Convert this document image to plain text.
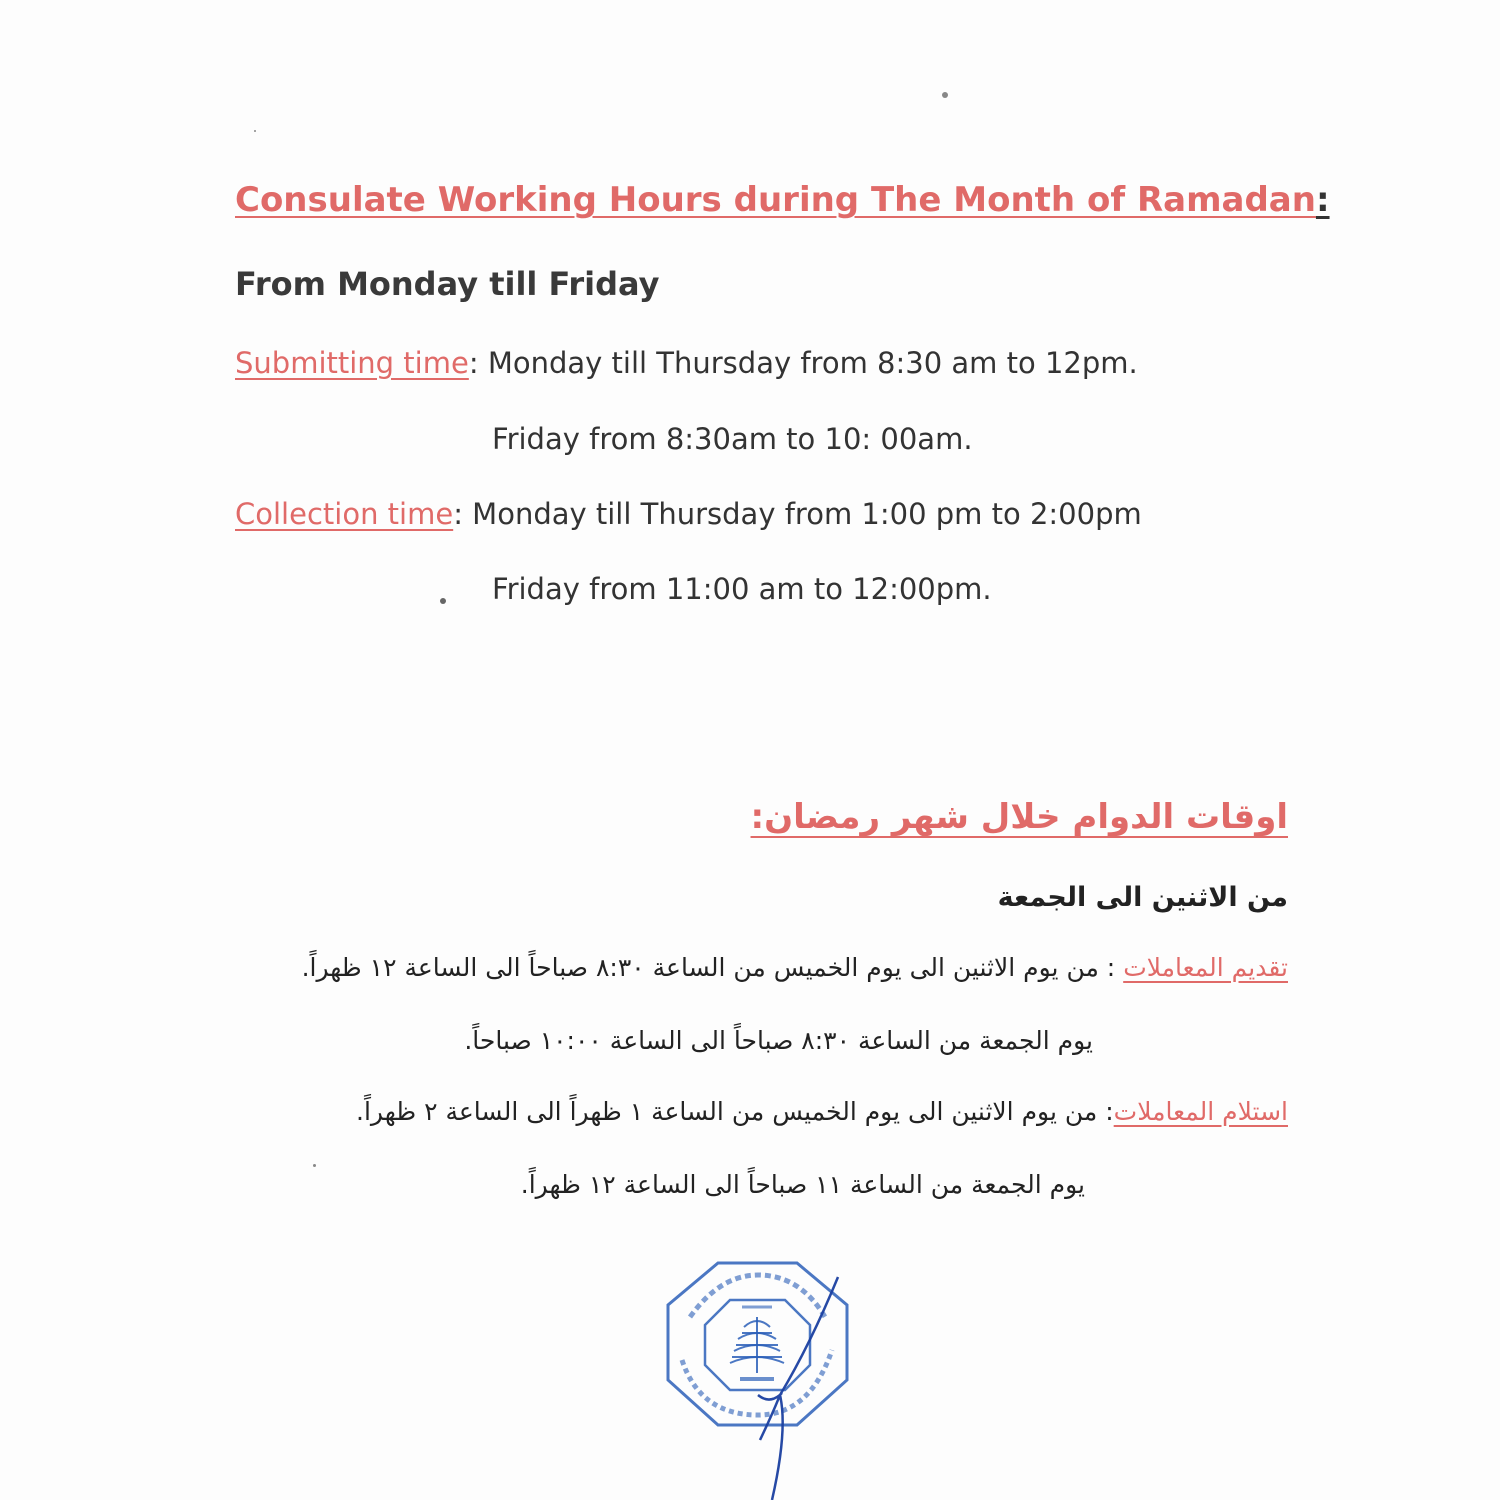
Consulate Working Hours during The Month of Ramadan:
From Monday till Friday
Submitting time: Monday till Thursday from 8:30 am to 12pm.
Friday from 8:30am to 10: 00am.
Collection time: Monday till Thursday from 1:00 pm to 2:00pm
Friday from 11:00 am to 12:00pm.
اوقات الدوام خلال شهر رمضان:
من الاثنين الى الجمعة
تقديم المعاملات : من يوم الاثنين الى يوم الخميس من الساعة ٨:٣٠ صباحاً الى الساعة ١٢ ظهراً.
يوم الجمعة من الساعة ٨:٣٠ صباحاً الى الساعة ١٠:٠٠ صباحاً.
استلام المعاملات: من يوم الاثنين الى يوم الخميس من الساعة ١ ظهراً الى الساعة ٢ ظهراً.
يوم الجمعة من الساعة ١١ صباحاً الى الساعة ١٢ ظهراً.
